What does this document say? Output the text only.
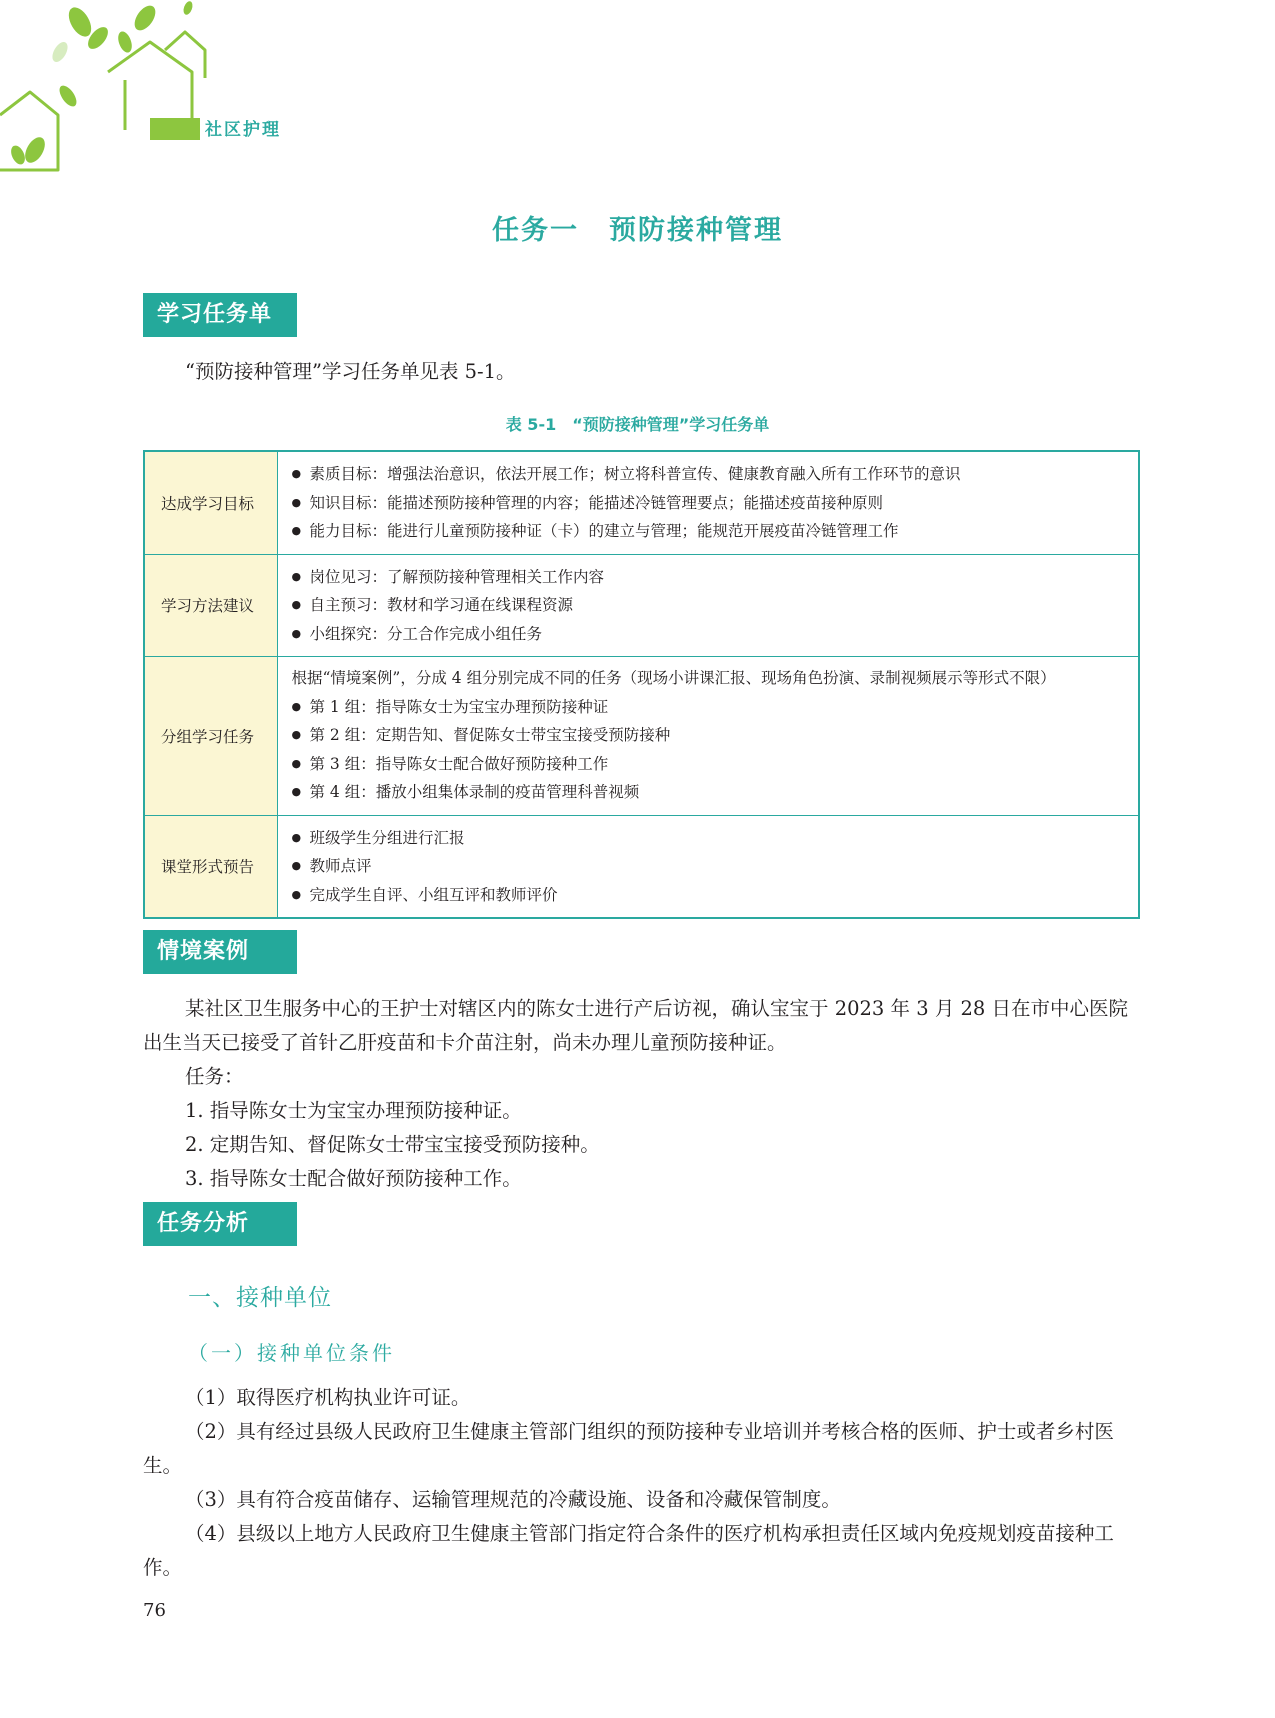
社区护理
任务一 预防接种管理
学习任务单
“预防接种管理”学习任务单见表 5-1。
表 5-1　“预防接种管理”学习任务单
达成学习目标	● 素质目标：增强法治意识，依法开展工作；树立将科普宣传、健康教育融入所有工作环节的意识
● 知识目标：能描述预防接种管理的内容；能描述冷链管理要点；能描述疫苗接种原则
● 能力目标：能进行儿童预防接种证（卡）的建立与管理；能规范开展疫苗冷链管理工作

学习方法建议	● 岗位见习：了解预防接种管理相关工作内容
● 自主预习：教材和学习通在线课程资源
● 小组探究：分工合作完成小组任务

分组学习任务	根据“情境案例”，分成 4 组分别完成不同的任务（现场小讲课汇报、现场角色扮演、录制视频展示等形式不限）
● 第 1 组：指导陈女士为宝宝办理预防接种证
● 第 2 组：定期告知、督促陈女士带宝宝接受预防接种
● 第 3 组：指导陈女士配合做好预防接种工作
● 第 4 组：播放小组集体录制的疫苗管理科普视频

课堂形式预告	● 班级学生分组进行汇报
● 教师点评
● 完成学生自评、小组互评和教师评价
情境案例
某社区卫生服务中心的王护士对辖区内的陈女士进行产后访视，确认宝宝于 2023 年 3 月 28 日在市中心医院出生当天已接受了首针乙肝疫苗和卡介苗注射，尚未办理儿童预防接种证。
任务：
1. 指导陈女士为宝宝办理预防接种证。
2. 定期告知、督促陈女士带宝宝接受预防接种。
3. 指导陈女士配合做好预防接种工作。
任务分析
一、接种单位
（一）接种单位条件
（1）取得医疗机构执业许可证。
（2）具有经过县级人民政府卫生健康主管部门组织的预防接种专业培训并考核合格的医师、护士或者乡村医生。
（3）具有符合疫苗储存、运输管理规范的冷藏设施、设备和冷藏保管制度。
（4）县级以上地方人民政府卫生健康主管部门指定符合条件的医疗机构承担责任区域内免疫规划疫苗接种工作。
76
